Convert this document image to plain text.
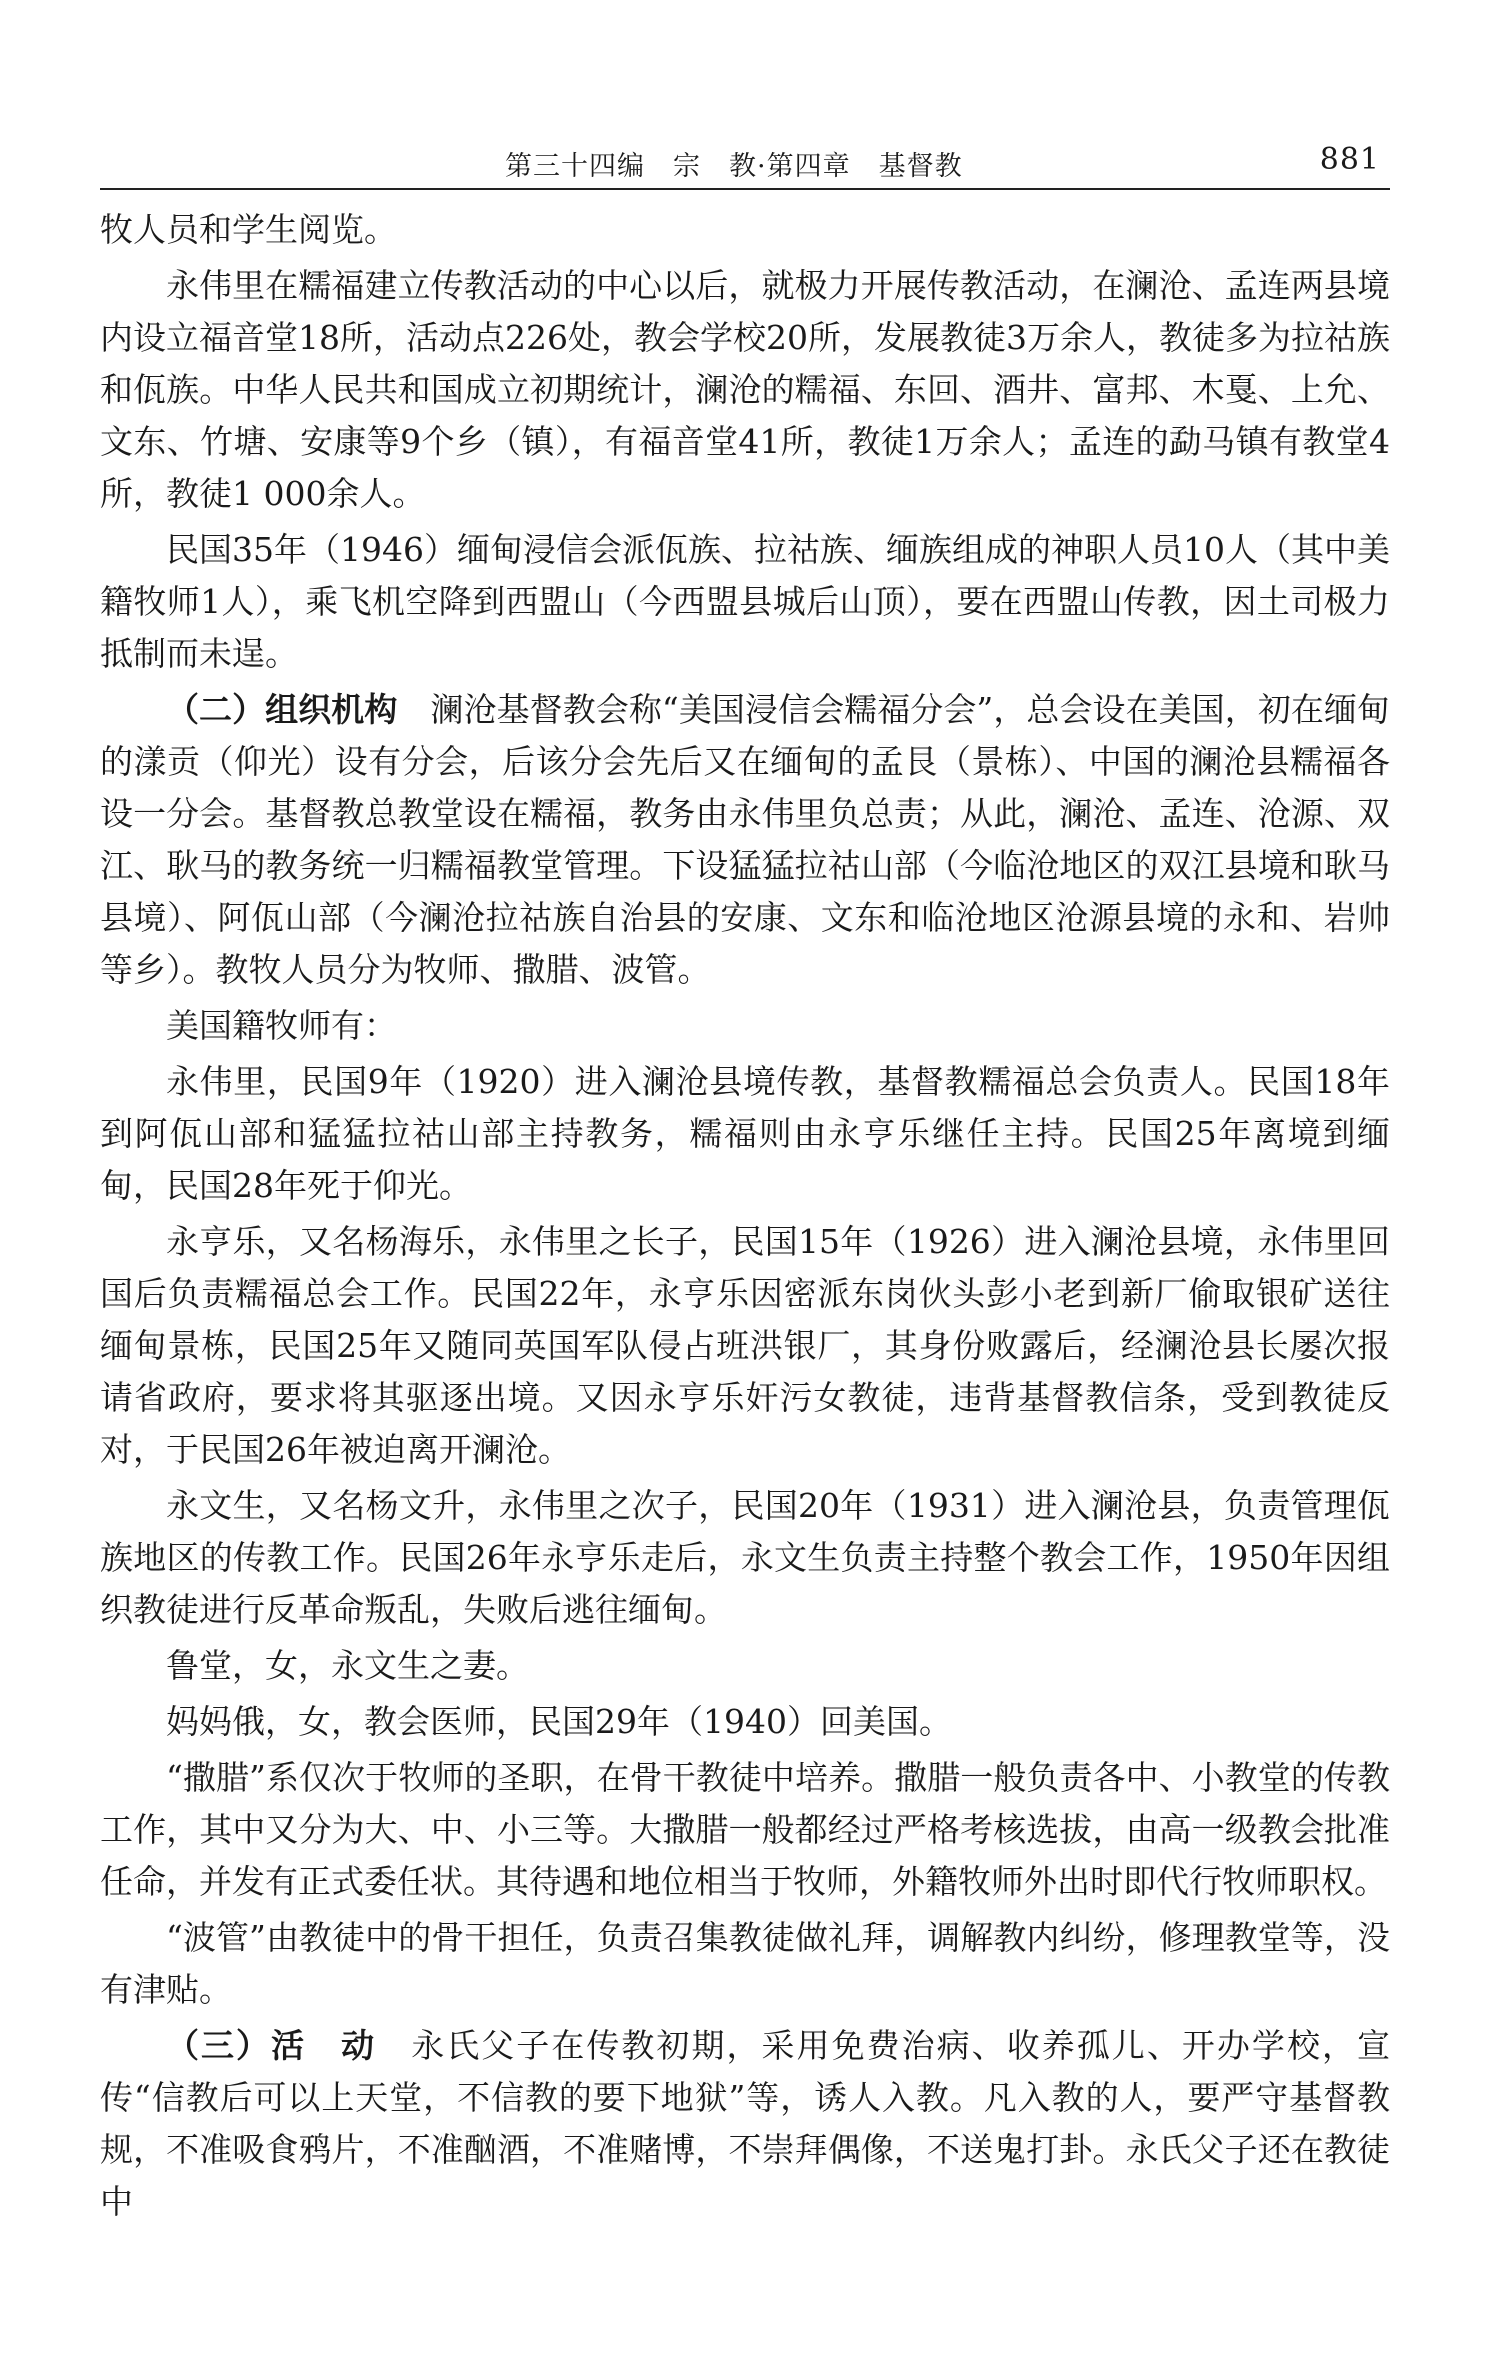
第三十四编　宗　教·第四章　基督教	881

牧人员和学生阅览。

永伟里在糯福建立传教活动的中心以后，就极力开展传教活动，在澜沧、孟连两县境内设立福音堂18所，活动点226处，教会学校20所，发展教徒3万余人，教徒多为拉祜族和佤族。中华人民共和国成立初期统计，澜沧的糯福、东回、酒井、富邦、木戛、上允、文东、竹塘、安康等9个乡（镇），有福音堂41所，教徒1万余人；孟连的勐马镇有教堂4所，教徒1 000余人。

民国35年（1946）缅甸浸信会派佤族、拉祜族、缅族组成的神职人员10人（其中美籍牧师1人），乘飞机空降到西盟山（今西盟县城后山顶），要在西盟山传教，因土司极力抵制而未逞。

（二）组织机构　澜沧基督教会称“美国浸信会糯福分会”，总会设在美国，初在缅甸的漾贡（仰光）设有分会，后该分会先后又在缅甸的孟艮（景栋）、中国的澜沧县糯福各设一分会。基督教总教堂设在糯福，教务由永伟里负总责；从此，澜沧、孟连、沧源、双江、耿马的教务统一归糯福教堂管理。下设猛猛拉祜山部（今临沧地区的双江县境和耿马县境）、阿佤山部（今澜沧拉祜族自治县的安康、文东和临沧地区沧源县境的永和、岩帅等乡）。教牧人员分为牧师、撒腊、波管。

美国籍牧师有：

永伟里，民国9年（1920）进入澜沧县境传教，基督教糯福总会负责人。民国18年到阿佤山部和猛猛拉祜山部主持教务，糯福则由永亨乐继任主持。民国25年离境到缅甸，民国28年死于仰光。

永亨乐，又名杨海乐，永伟里之长子，民国15年（1926）进入澜沧县境，永伟里回国后负责糯福总会工作。民国22年，永亨乐因密派东岗伙头彭小老到新厂偷取银矿送往缅甸景栋，民国25年又随同英国军队侵占班洪银厂，其身份败露后，经澜沧县长屡次报请省政府，要求将其驱逐出境。又因永亨乐奸污女教徒，违背基督教信条，受到教徒反对，于民国26年被迫离开澜沧。

永文生，又名杨文升，永伟里之次子，民国20年（1931）进入澜沧县，负责管理佤族地区的传教工作。民国26年永亨乐走后，永文生负责主持整个教会工作，1950年因组织教徒进行反革命叛乱，失败后逃往缅甸。

鲁堂，女，永文生之妻。

妈妈俄，女，教会医师，民国29年（1940）回美国。

“撒腊”系仅次于牧师的圣职，在骨干教徒中培养。撒腊一般负责各中、小教堂的传教工作，其中又分为大、中、小三等。大撒腊一般都经过严格考核选拔，由高一级教会批准任命，并发有正式委任状。其待遇和地位相当于牧师，外籍牧师外出时即代行牧师职权。

“波管”由教徒中的骨干担任，负责召集教徒做礼拜，调解教内纠纷，修理教堂等，没有津贴。

（三）活　动　永氏父子在传教初期，采用免费治病、收养孤儿、开办学校，宣传“信教后可以上天堂，不信教的要下地狱”等，诱人入教。凡入教的人，要严守基督教规，不准吸食鸦片，不准酗酒，不准赌博，不崇拜偶像，不送鬼打卦。永氏父子还在教徒中
